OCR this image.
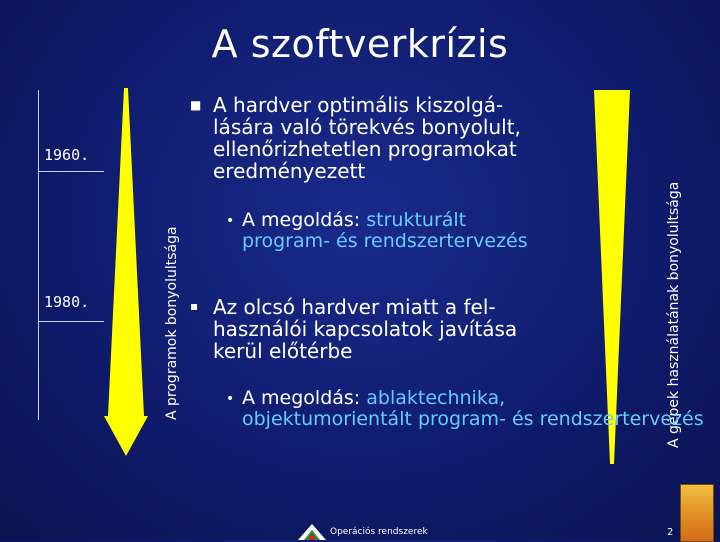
A szoftverkrízis
1960.
1980.	A programok bonyolultsága	A gépek használatának bonyolultsága
■ A hardver optimális kiszolgá-
lására való törekvés bonyolult,
ellenőrizhetetlen programokat
eredményezett
• A megoldás: strukturált
program- és rendszertervezés
▪ Az olcsó hardver miatt a fel-
használói kapcsolatok javítása
kerül előtérbe
• A megoldás: ablaktechnika,
objektumorientált program- és rendszertervezés
Operációs rendszerek	2
